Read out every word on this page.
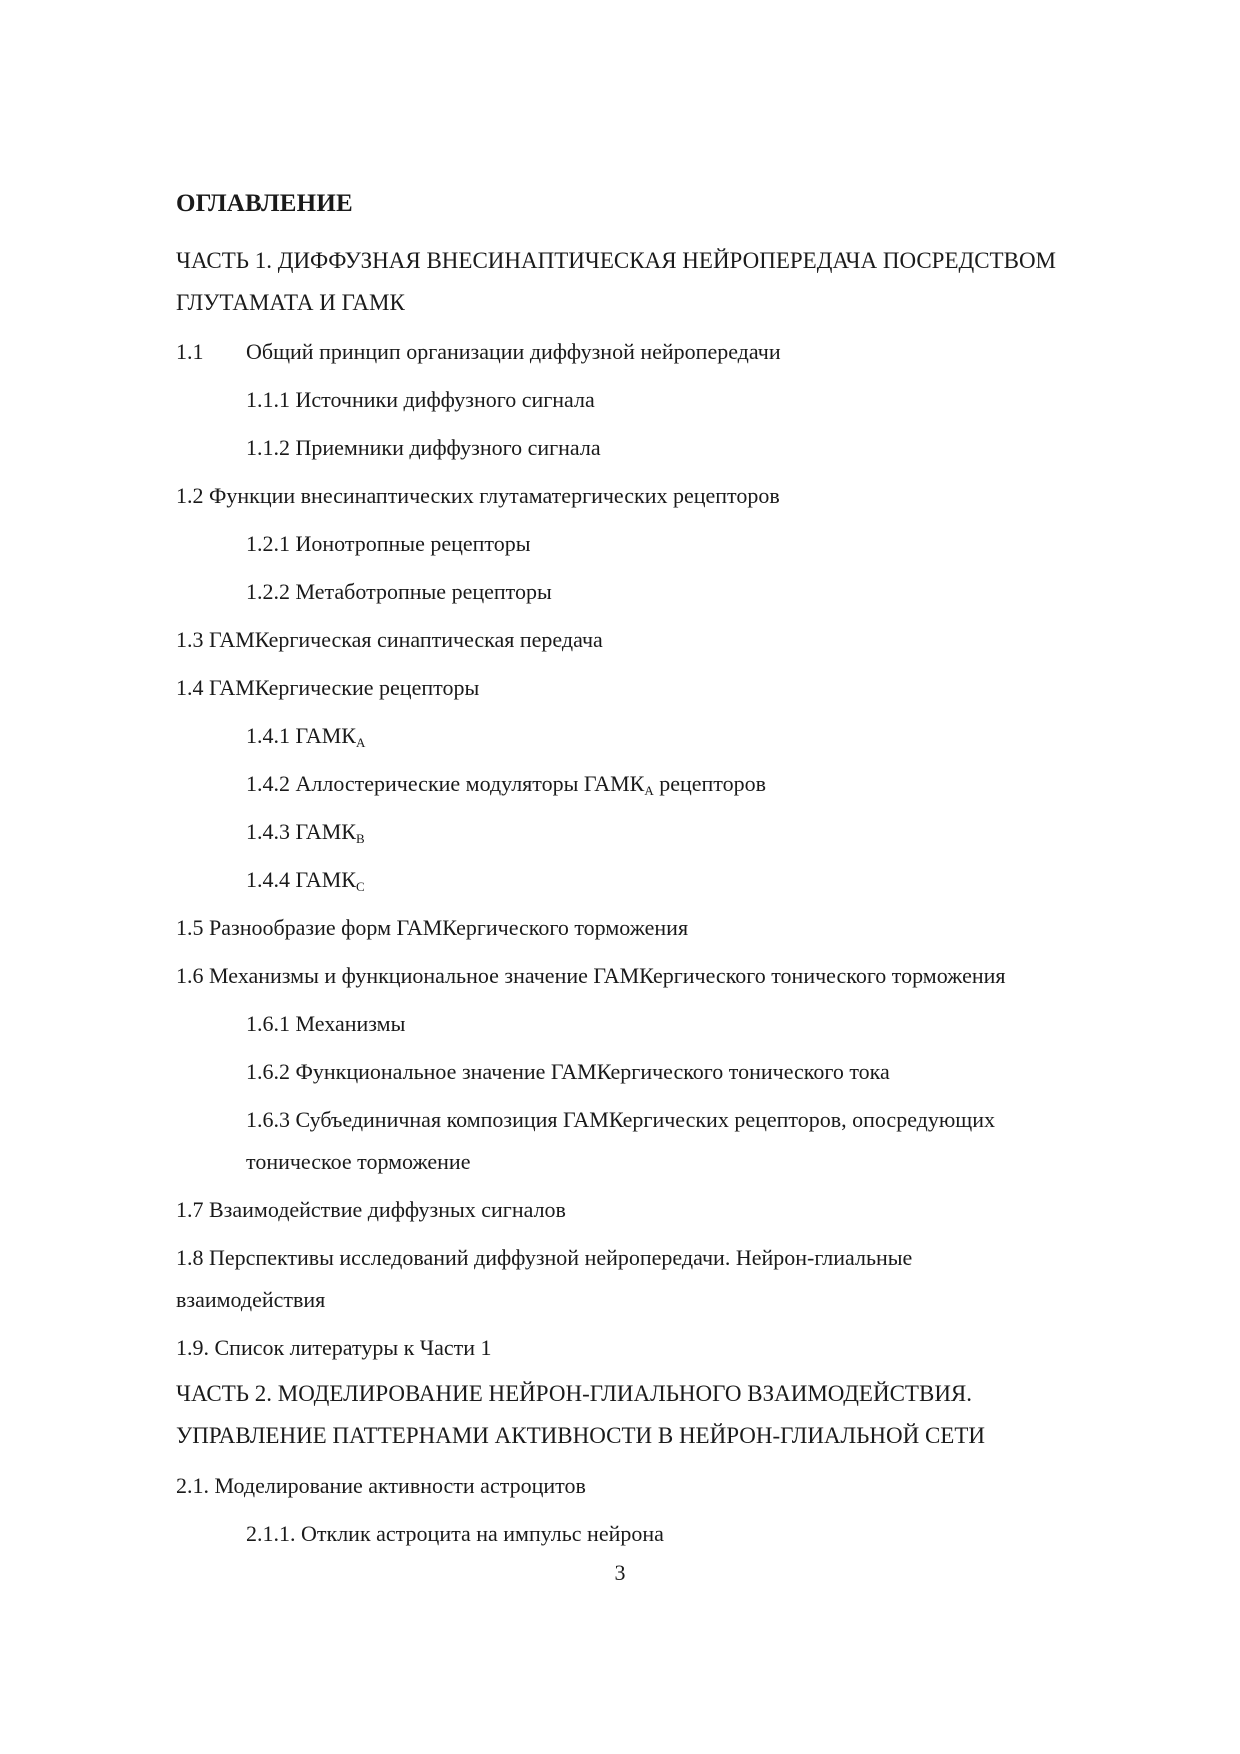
ОГЛАВЛЕНИЕ
ЧАСТЬ 1. ДИФФУЗНАЯ ВНЕСИНАПТИЧЕСКАЯ НЕЙРОПЕРЕДАЧА ПОСРЕДСТВОМ
ГЛУТАМАТА И ГАМК
1.1 Общий принцип организации диффузной нейропередачи
1.1.1 Источники диффузного сигнала
1.1.2 Приемники диффузного сигнала
1.2 Функции внесинаптических глутаматергических рецепторов
1.2.1 Ионотропные рецепторы
1.2.2 Метаботропные рецепторы
1.3 ГАМКергическая синаптическая передача
1.4 ГАМКергические рецепторы
1.4.1 $ГАМК_A$
1.4.2 Аллостерические модуляторы $ГАМК_A$ рецепторов
1.4.3 $ГАМК_B$
1.4.4 $ГАМК_C$
1.5 Разнообразие форм ГАМКергического торможения
1.6 Механизмы и функциональное значение ГАМКергического тонического торможения
1.6.1 Механизмы
1.6.2 Функциональное значение ГАМКергического тонического тока
1.6.3 Субъединичная композиция ГАМКергических рецепторов, опосредующих
тоническое торможение
1.7 Взаимодействие диффузных сигналов
1.8 Перспективы исследований диффузной нейропередачи. Нейрон-глиальные
взаимодействия
1.9. Список литературы к Части 1
ЧАСТЬ 2. МОДЕЛИРОВАНИЕ НЕЙРОН-ГЛИАЛЬНОГО ВЗАИМОДЕЙСТВИЯ.
УПРАВЛЕНИЕ ПАТТЕРНАМИ АКТИВНОСТИ В НЕЙРОН-ГЛИАЛЬНОЙ СЕТИ
2.1. Моделирование активности астроцитов
2.1.1. Отклик астроцита на импульс нейрона
3
